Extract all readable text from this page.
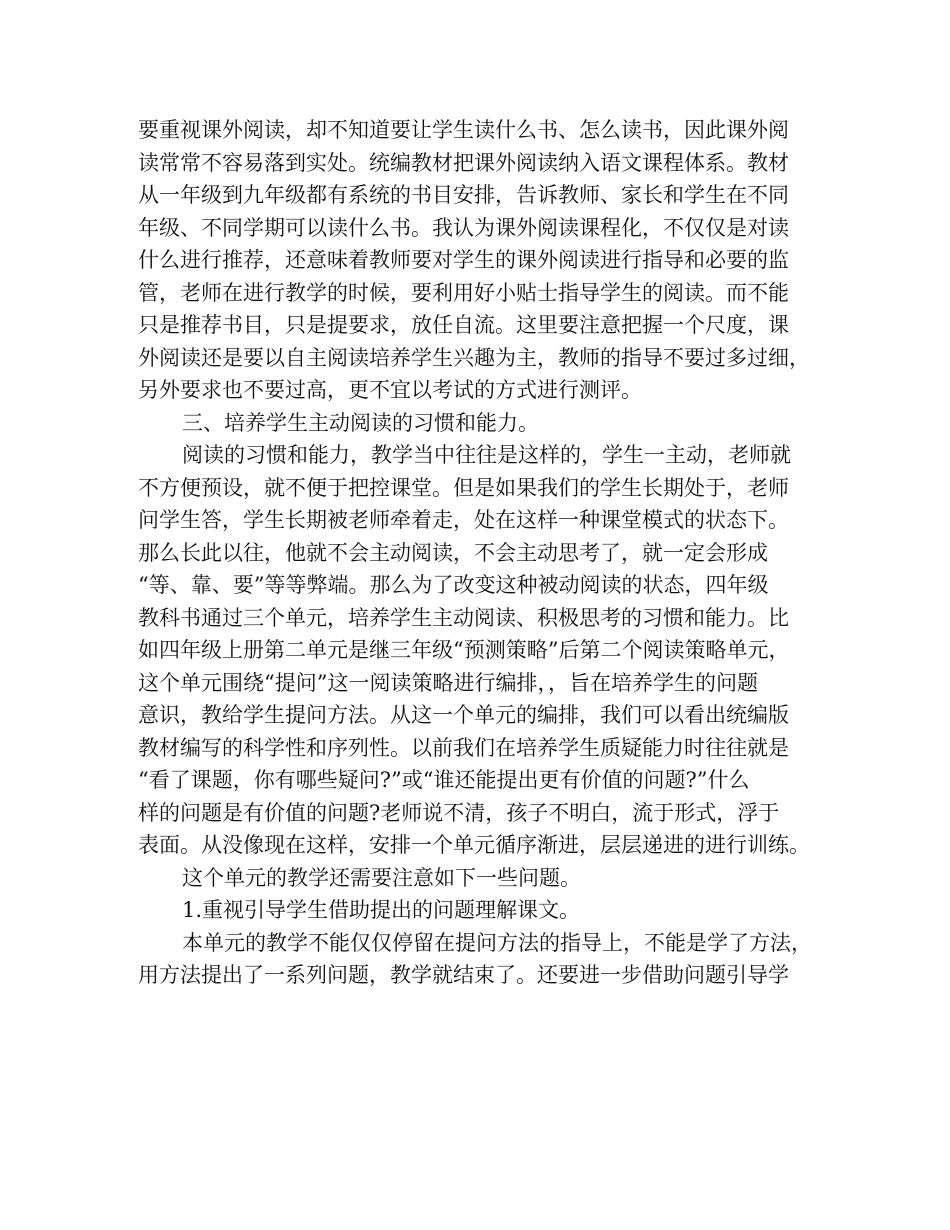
要重视课外阅读，却不知道要让学生读什么书、怎么读书，因此课外阅
读常常不容易落到实处。统编教材把课外阅读纳入语文课程体系。教材
从一年级到九年级都有系统的书目安排，告诉教师、家长和学生在不同
年级、不同学期可以读什么书。我认为课外阅读课程化，不仅仅是对读
什么进行推荐，还意味着教师要对学生的课外阅读进行指导和必要的监
管，老师在进行教学的时候，要利用好小贴士指导学生的阅读。而不能
只是推荐书目，只是提要求，放任自流。这里要注意把握一个尺度，课
外阅读还是要以自主阅读培养学生兴趣为主，教师的指导不要过多过细，
另外要求也不要过高，更不宜以考试的方式进行测评。
三、培养学生主动阅读的习惯和能力。
阅读的习惯和能力，教学当中往往是这样的，学生一主动，老师就
不方便预设，就不便于把控课堂。但是如果我们的学生长期处于，老师
问学生答，学生长期被老师牵着走，处在这样一种课堂模式的状态下。
那么长此以往，他就不会主动阅读，不会主动思考了，就一定会形成
“等、靠、要”等等弊端。那么为了改变这种被动阅读的状态，四年级
教科书通过三个单元，培养学生主动阅读、积极思考的习惯和能力。比
如四年级上册第二单元是继三年级“预测策略”后第二个阅读策略单元，
这个单元围绕“提问”这一阅读策略进行编排，，旨在培养学生的问题
意识，教给学生提问方法。从这一个单元的编排，我们可以看出统编版
教材编写的科学性和序列性。以前我们在培养学生质疑能力时往往就是
“看了课题，你有哪些疑问?”或“谁还能提出更有价值的问题?”什么
样的问题是有价值的问题?老师说不清，孩子不明白，流于形式，浮于
表面。从没像现在这样，安排一个单元循序渐进，层层递进的进行训练。
这个单元的教学还需要注意如下一些问题。
1.重视引导学生借助提出的问题理解课文。
本单元的教学不能仅仅停留在提问方法的指导上，不能是学了方法，
用方法提出了一系列问题，教学就结束了。还要进一步借助问题引导学
